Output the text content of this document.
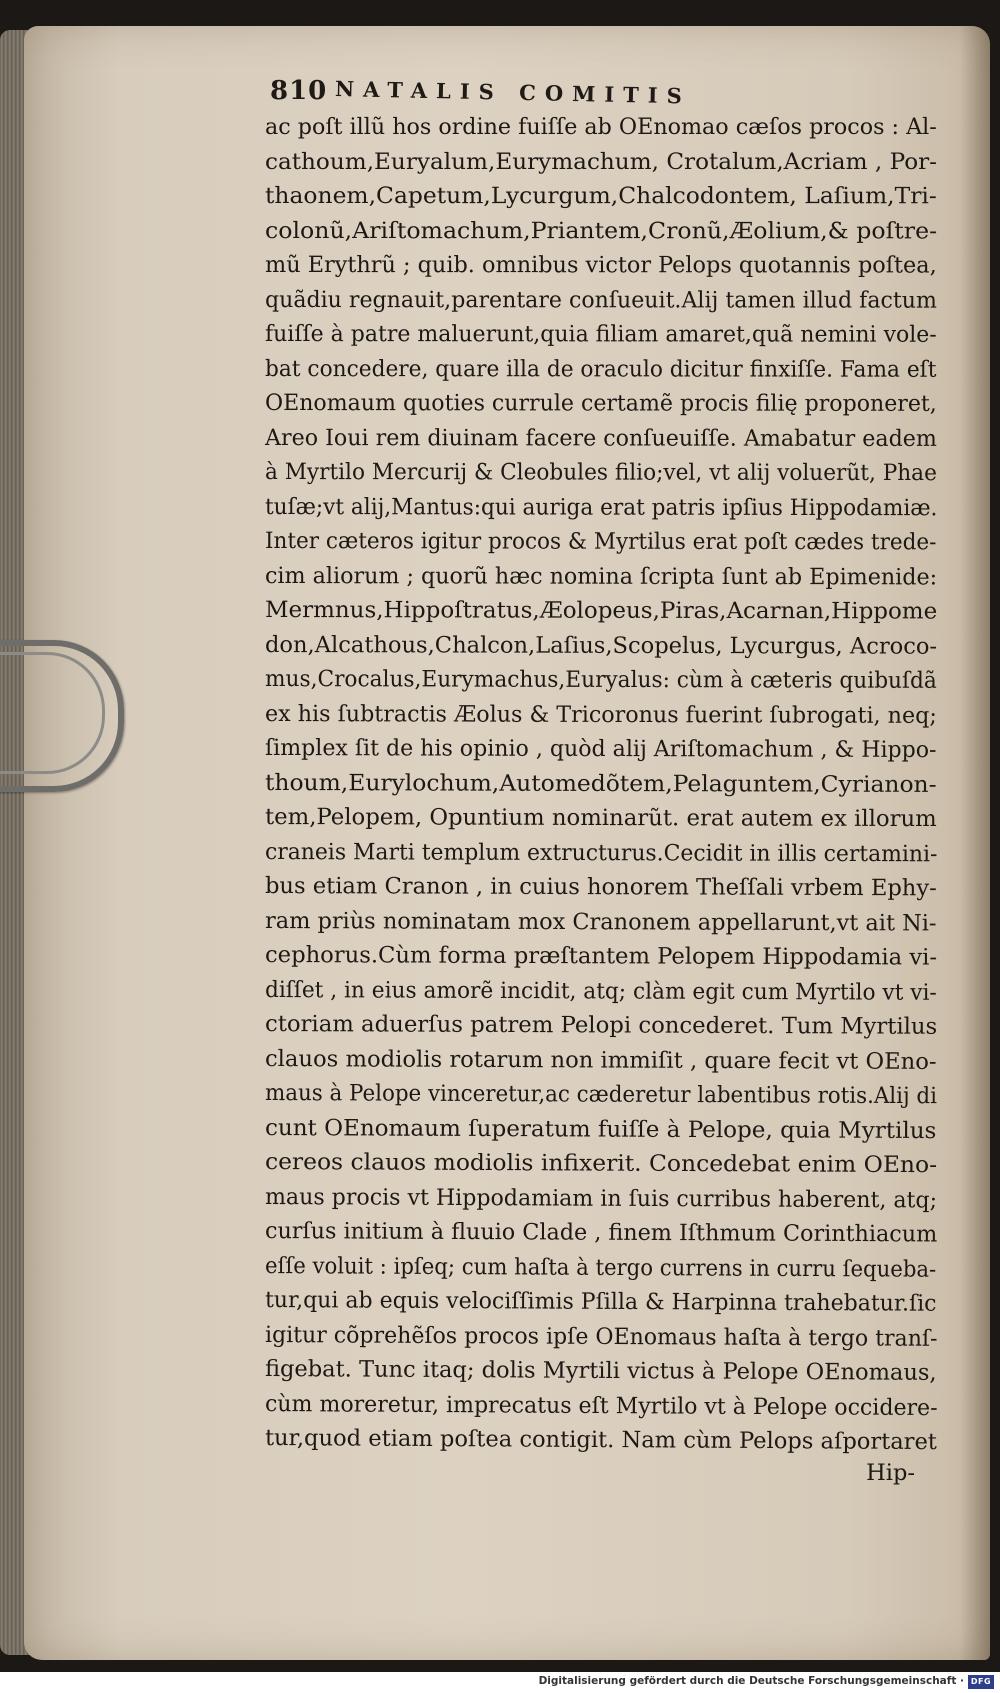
810 NATALIS COMITIS
ac poſt illũ hos ordine fuiſſe ab OEnomao cæſos procos : Al-
cathoum,Euryalum,Eurymachum, Crotalum,Acriam , Por-
thaonem,Capetum,Lycurgum,Chalcodontem, Laſium,Tri-
colonũ,Ariſtomachum,Priantem,Cronũ,Æolium,& poſtre-
mũ Erythrũ ; quib. omnibus victor Pelops quotannis poſtea,
quãdiu regnauit,parentare conſueuit.Alij tamen illud factum
fuiſſe à patre maluerunt,quia filiam amaret,quã nemini vole-
bat concedere, quare illa de oraculo dicitur finxiſſe. Fama eſt
OEnomaum quoties currule certamẽ procis filię proponeret,
Areo Ioui rem diuinam facere conſueuiſſe. Amabatur eadem
à Myrtilo Mercurij & Cleobules filio;vel, vt alij voluerũt, Phae
tuſæ;vt alij,Mantus:qui auriga erat patris ipſius Hippodamiæ.
Inter cæteros igitur procos & Myrtilus erat poſt cædes trede-
cim aliorum ; quorũ hæc nomina ſcripta ſunt ab Epimenide:
Mermnus,Hippoſtratus,Æolopeus,Piras,Acarnan,Hippome
don,Alcathous,Chalcon,Laſius,Scopelus, Lycurgus, Acroco-
mus,Crocalus,Eurymachus,Euryalus: cùm à cæteris quibuſdã
ex his ſubtractis Æolus & Tricoronus fuerint ſubrogati, neq;
ſimplex ſit de his opinio , quòd alij Ariſtomachum , & Hippo-
thoum,Eurylochum,Automedõtem,Pelaguntem,Cyrianon-
tem,Pelopem, Opuntium nominarũt. erat autem ex illorum
craneis Marti templum extructurus.Cecidit in illis certamini-
bus etiam Cranon , in cuius honorem Theſſali vrbem Ephy-
ram priùs nominatam mox Cranonem appellarunt,vt ait Ni-
cephorus.Cùm forma præſtantem Pelopem Hippodamia vi-
diſſet , in eius amorẽ incidit, atq; clàm egit cum Myrtilo vt vi-
ctoriam aduerſus patrem Pelopi concederet. Tum Myrtilus
clauos modiolis rotarum non immiſit , quare fecit vt OEno-
maus à Pelope vinceretur,ac cæderetur labentibus rotis.Alij di
cunt OEnomaum ſuperatum fuiſſe à Pelope, quia Myrtilus
cereos clauos modiolis infixerit. Concedebat enim OEno-
maus procis vt Hippodamiam in ſuis curribus haberent, atq;
curſus initium à fluuio Clade , finem Iſthmum Corinthiacum
eſſe voluit : ipſeq; cum haſta à tergo currens in curru ſequeba-
tur,qui ab equis velociſſimis Pſilla & Harpinna trahebatur.ſic
igitur cõprehẽſos procos ipſe OEnomaus haſta à tergo tranſ-
figebat. Tunc itaq; dolis Myrtili victus à Pelope OEnomaus,
cùm moreretur, imprecatus eſt Myrtilo vt à Pelope occidere-
tur,quod etiam poſtea contigit. Nam cùm Pelops aſportaret
Hip-
Digitalisierung gefördert durch die Deutsche Forschungsgemeinschaft · DFG
